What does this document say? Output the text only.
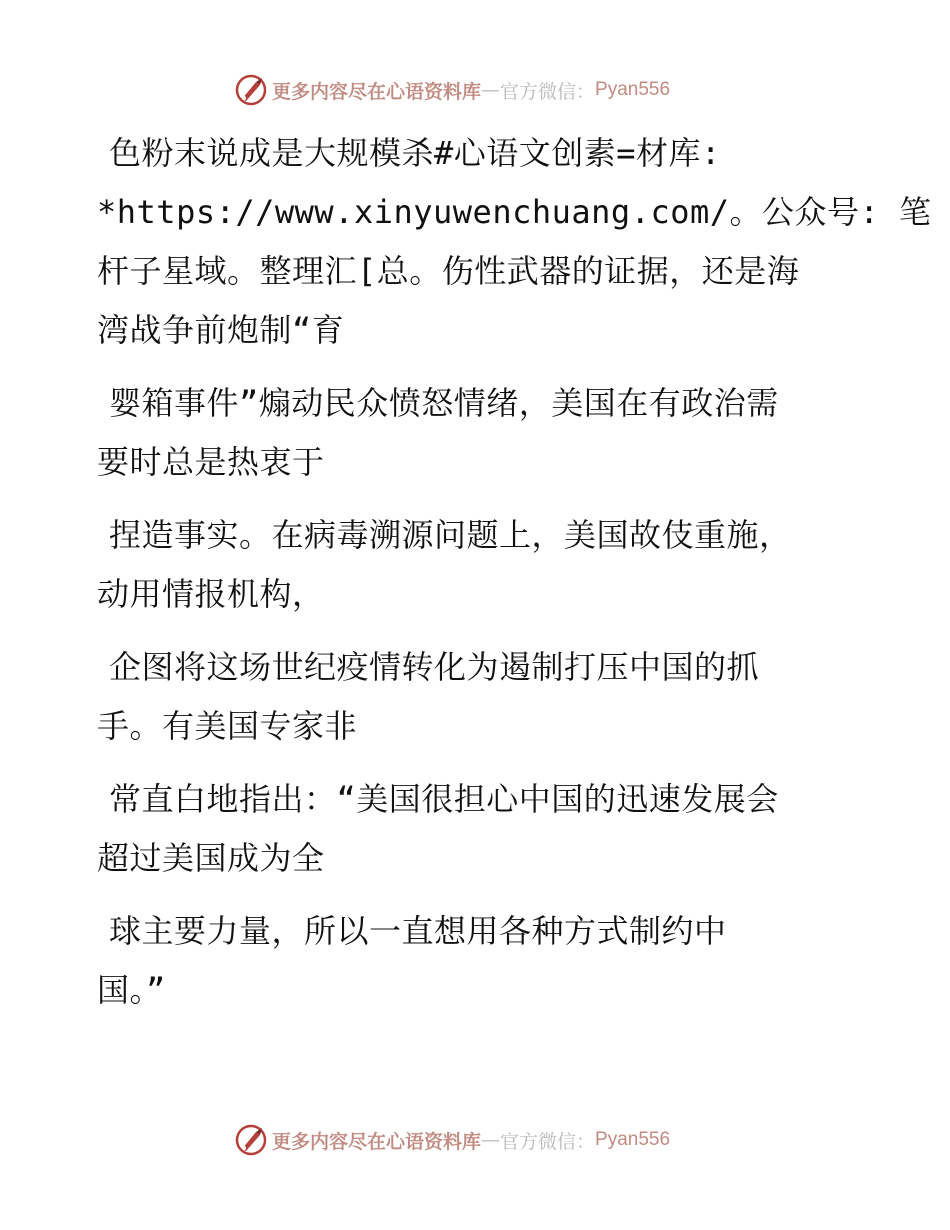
更多内容尽在心语资料库 — 官方微信： Pyan556
色粉末说成是大规模杀#心语文创素=材库:
*https://www.xinyuwenchuang.com/。公众号: 笔
杆子星域。整理汇[总。伤性武器的证据，还是海
湾战争前炮制“育
婴箱事件”煽动民众愤怒情绪，美国在有政治需
要时总是热衷于
捏造事实。在病毒溯源问题上，美国故伎重施，
动用情报机构，
企图将这场世纪疫情转化为遏制打压中国的抓
手。有美国专家非
常直白地指出：“美国很担心中国的迅速发展会
超过美国成为全
球主要力量，所以一直想用各种方式制约中
国。”
更多内容尽在心语资料库 — 官方微信： Pyan556
